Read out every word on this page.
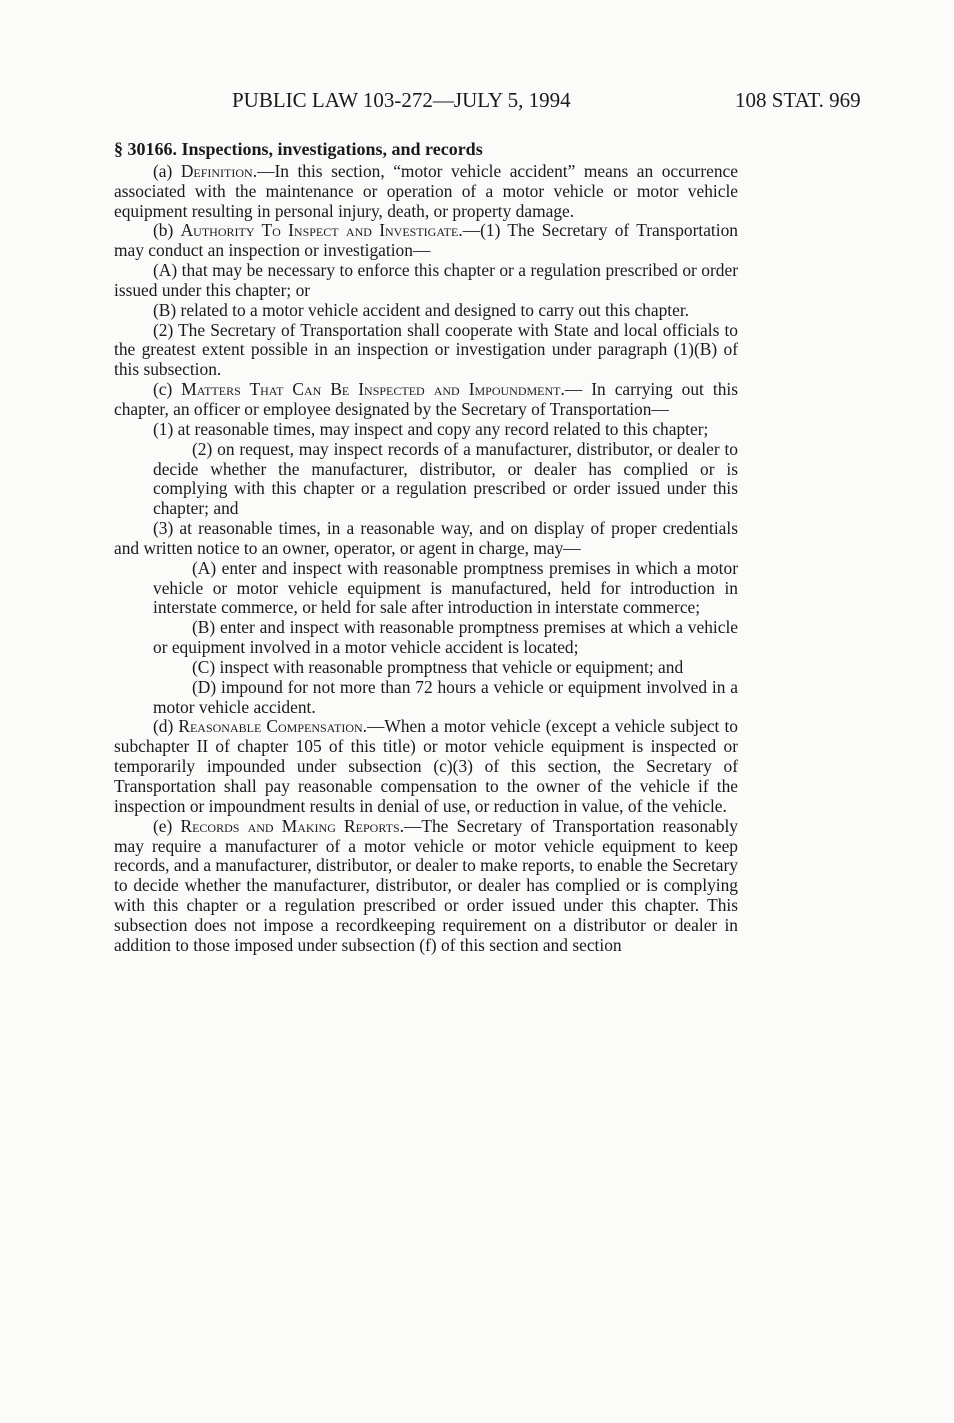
PUBLIC LAW 103-272—JULY 5, 1994	108 STAT. 969

§ 30166. Inspections, investigations, and records

(a) Definition.—In this section, “motor vehicle accident” means an occurrence associated with the maintenance or operation of a motor vehicle or motor vehicle equipment resulting in personal injury, death, or property damage.

(b) Authority To Inspect and Investigate.—(1) The Secretary of Transportation may conduct an inspection or investigation—

(A) that may be necessary to enforce this chapter or a regulation prescribed or order issued under this chapter; or

(B) related to a motor vehicle accident and designed to carry out this chapter.

(2) The Secretary of Transportation shall cooperate with State and local officials to the greatest extent possible in an inspection or investigation under paragraph (1)(B) of this subsection.

(c) Matters That Can Be Inspected and Impoundment.— In carrying out this chapter, an officer or employee designated by the Secretary of Transportation—

(1) at reasonable times, may inspect and copy any record related to this chapter;

(2) on request, may inspect records of a manufacturer, distributor, or dealer to decide whether the manufacturer, distributor, or dealer has complied or is complying with this chapter or a regulation prescribed or order issued under this chapter; and

(3) at reasonable times, in a reasonable way, and on display of proper credentials and written notice to an owner, operator, or agent in charge, may—

(A) enter and inspect with reasonable promptness premises in which a motor vehicle or motor vehicle equipment is manufactured, held for introduction in interstate commerce, or held for sale after introduction in interstate commerce;

(B) enter and inspect with reasonable promptness premises at which a vehicle or equipment involved in a motor vehicle accident is located;

(C) inspect with reasonable promptness that vehicle or equipment; and

(D) impound for not more than 72 hours a vehicle or equipment involved in a motor vehicle accident.

(d) Reasonable Compensation.—When a motor vehicle (except a vehicle subject to subchapter II of chapter 105 of this title) or motor vehicle equipment is inspected or temporarily impounded under subsection (c)(3) of this section, the Secretary of Transportation shall pay reasonable compensation to the owner of the vehicle if the inspection or impoundment results in denial of use, or reduction in value, of the vehicle.

(e) Records and Making Reports.—The Secretary of Transportation reasonably may require a manufacturer of a motor vehicle or motor vehicle equipment to keep records, and a manufacturer, distributor, or dealer to make reports, to enable the Secretary to decide whether the manufacturer, distributor, or dealer has complied or is complying with this chapter or a regulation prescribed or order issued under this chapter. This subsection does not impose a recordkeeping requirement on a distributor or dealer in addition to those imposed under subsection (f) of this section and section
